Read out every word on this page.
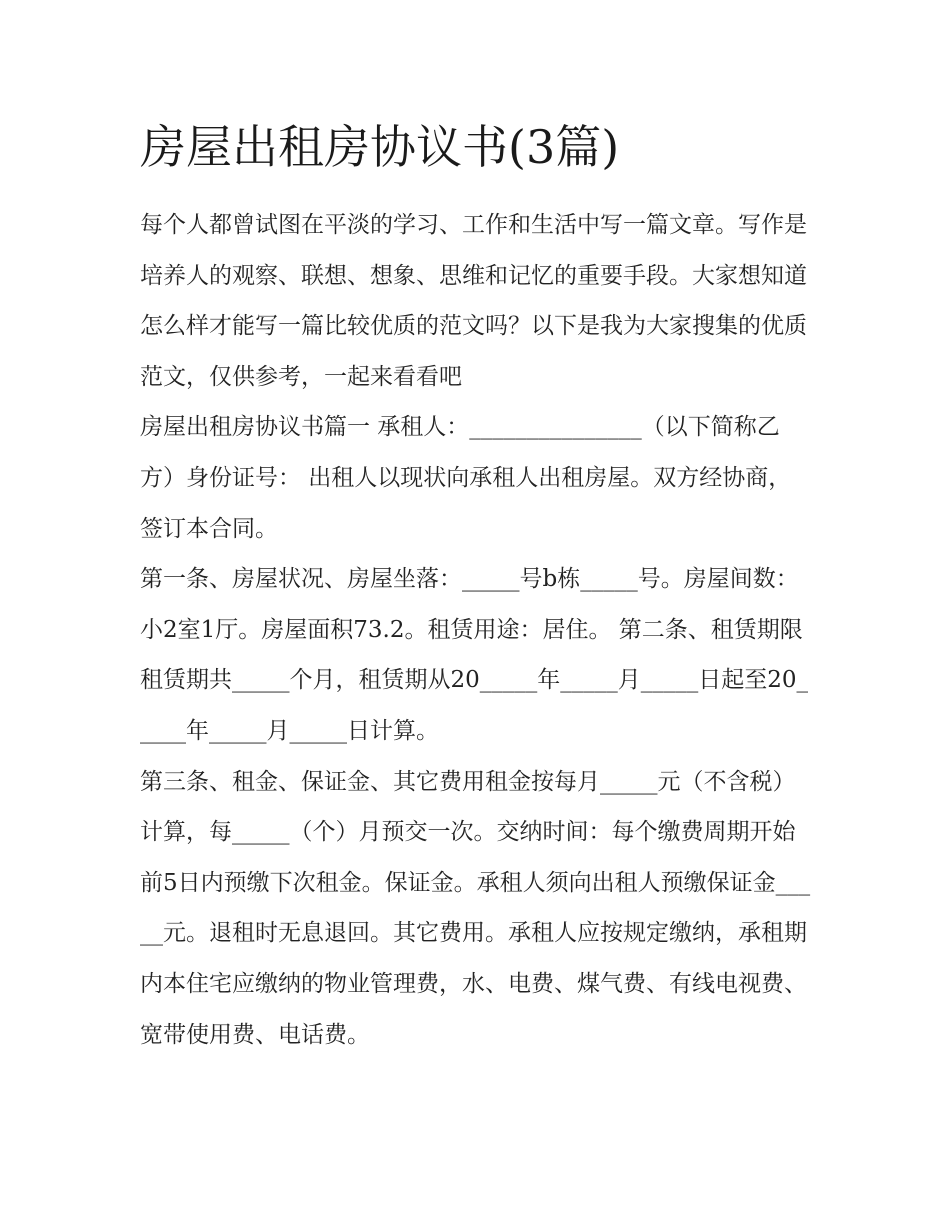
房屋出租房协议书(3篇)

每个人都曾试图在平淡的学习、工作和生活中写一篇文章。写作是培养人的观察、联想、想象、思维和记忆的重要手段。大家想知道怎么样才能写一篇比较优质的范文吗？以下是我为大家搜集的优质范文，仅供参考，一起来看看吧

房屋出租房协议书篇一 承租人：_______________（以下简称乙方）身份证号： 出租人以现状向承租人出租房屋。双方经协商，签订本合同。

第一条、房屋状况、房屋坐落：_____号b栋_____号。房屋间数：小2室1厅。房屋面积73.2。租赁用途：居住。 第二条、租赁期限

租赁期共_____个月，租赁期从20_____年_____月_____日起至20_____年_____月_____日计算。

第三条、租金、保证金、其它费用租金按每月_____元（不含税）计算，每_____（个）月预交一次。交纳时间：每个缴费周期开始前5日内预缴下次租金。保证金。承租人须向出租人预缴保证金_____元。退租时无息退回。其它费用。承租人应按规定缴纳，承租期内本住宅应缴纳的物业管理费，水、电费、煤气费、有线电视费、宽带使用费、电话费。
